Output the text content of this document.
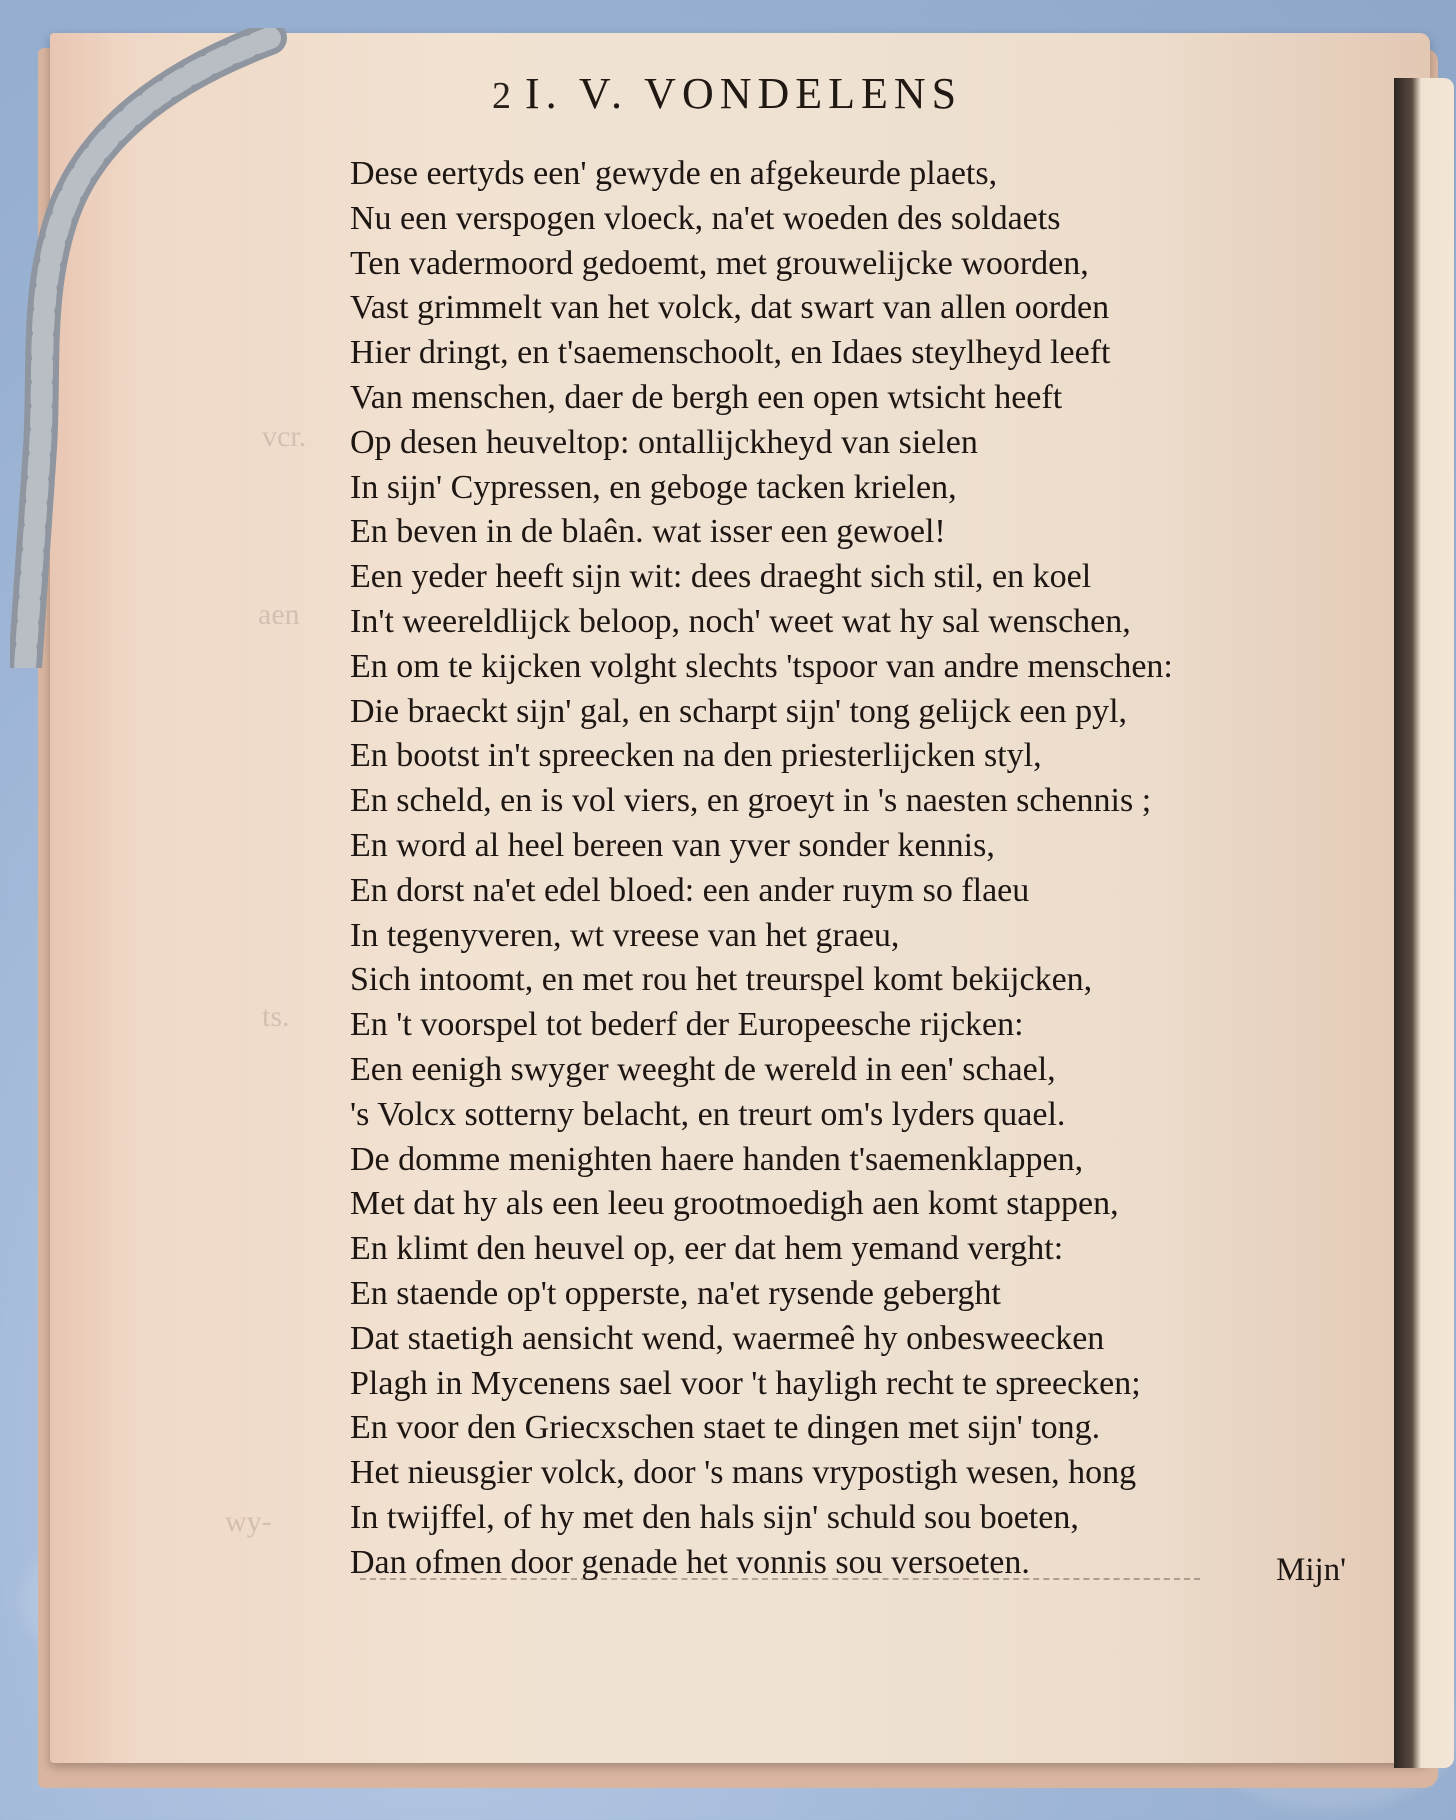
vcr.
aen
ts.
wy-
2 I. V. VONDELENS
Dese eertyds een' gewyde en afgekeurde plaets,
Nu een verspogen vloeck, na'et woeden des soldaets
Ten vadermoord gedoemt, met grouwelijcke woorden,
Vast grimmelt van het volck, dat swart van allen oorden
Hier dringt, en t'saemenschoolt, en Idaes steylheyd leeft
Van menschen, daer de bergh een open wtsicht heeft
Op desen heuveltop: ontallijckheyd van sielen
In sijn' Cypressen, en geboge tacken krielen,
En beven in de blaên. wat isser een gewoel!
Een yeder heeft sijn wit: dees draeght sich stil, en koel
In't weereldlijck beloop, noch' weet wat hy sal wenschen,
En om te kijcken volght slechts 'tspoor van andre menschen:
Die braeckt sijn' gal, en scharpt sijn' tong gelijck een pyl,
En bootst in't spreecken na den priesterlijcken styl,
En scheld, en is vol viers, en groeyt in 's naesten schennis ;
En word al heel bereen van yver sonder kennis,
En dorst na'et edel bloed: een ander ruym so flaeu
In tegenyveren, wt vreese van het graeu,
Sich intoomt, en met rou het treurspel komt bekijcken,
En 't voorspel tot bederf der Europeesche rijcken:
Een eenigh swyger weeght de wereld in een' schael,
's Volcx sotterny belacht, en treurt om's lyders quael.
De domme menighten haere handen t'saemenklappen,
Met dat hy als een leeu grootmoedigh aen komt stappen,
En klimt den heuvel op, eer dat hem yemand verght:
En staende op't opperste, na'et rysende geberght
Dat staetigh aensicht wend, waermeê hy onbesweecken
Plagh in Mycenens sael voor 't hayligh recht te spreecken;
En voor den Griecxschen staet te dingen met sijn' tong.
Het nieusgier volck, door 's mans vrypostigh wesen, hong
In twijffel, of hy met den hals sijn' schuld sou boeten,
Dan ofmen door genade het vonnis sou versoeten.	Mijn'
